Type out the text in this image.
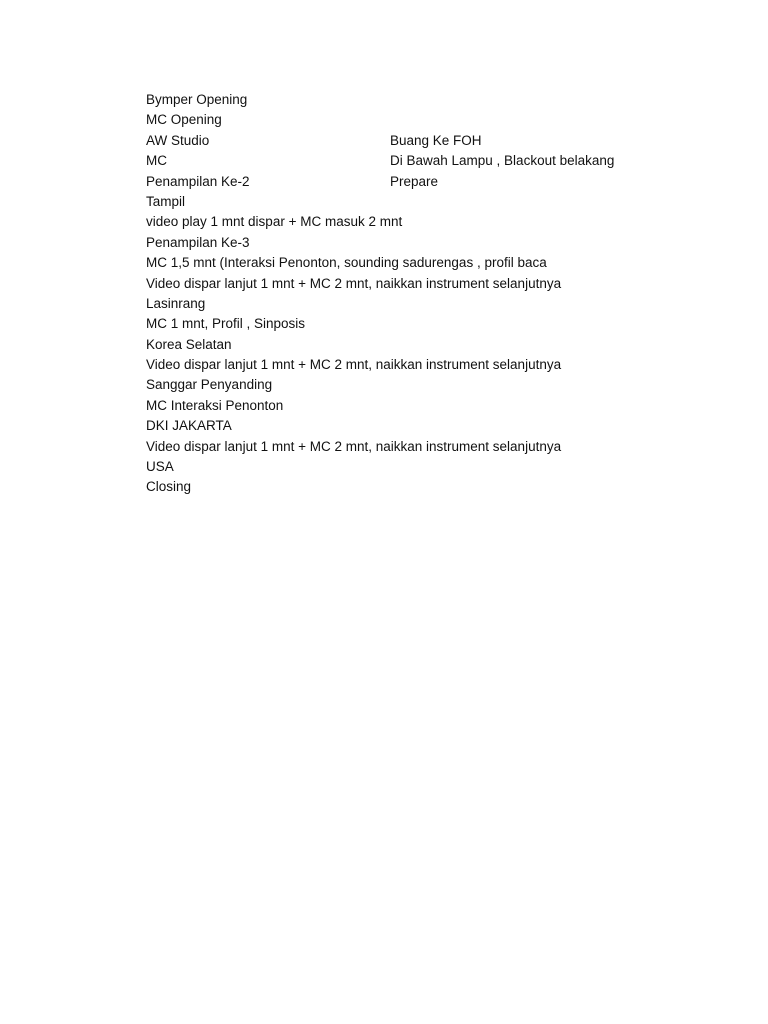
Bymper Opening
MC Opening
AW Studio	Buang Ke FOH
MC	Di Bawah Lampu , Blackout belakang
Penampilan Ke-2	Prepare
Tampil
video play 1 mnt dispar + MC masuk 2 mnt
Penampilan Ke-3
MC 1,5 mnt (Interaksi Penonton, sounding sadurengas , profil baca
Video dispar lanjut 1 mnt + MC 2 mnt, naikkan instrument selanjutnya
Lasinrang
MC 1 mnt, Profil , Sinposis
Korea Selatan
Video dispar lanjut 1 mnt + MC 2 mnt, naikkan instrument selanjutnya
Sanggar Penyanding
MC Interaksi Penonton
DKI JAKARTA
Video dispar lanjut 1 mnt + MC 2 mnt, naikkan instrument selanjutnya
USA
Closing
